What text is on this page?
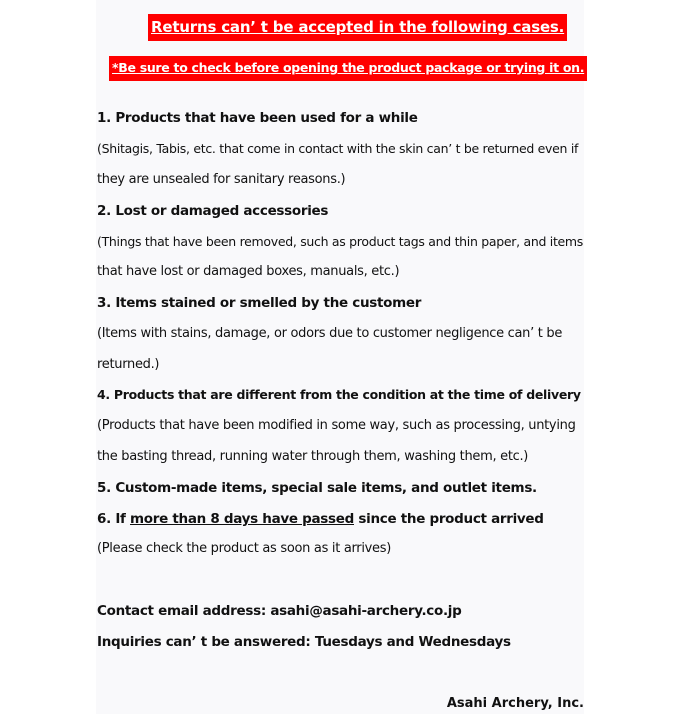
Returns can’ t be accepted in the following cases.
*Be sure to check before opening the product package or trying it on.
1. Products that have been used for a while
(Shitagis, Tabis, etc. that come in contact with the skin can’ t be returned even if
they are unsealed for sanitary reasons.)
2. Lost or damaged accessories
(Things that have been removed, such as product tags and thin paper, and items
that have lost or damaged boxes, manuals, etc.)
3. Items stained or smelled by the customer
(Items with stains, damage, or odors due to customer negligence can’ t be
returned.)
4. Products that are different from the condition at the time of delivery
(Products that have been modified in some way, such as processing, untying
the basting thread, running water through them, washing them, etc.)
5. Custom-made items, special sale items, and outlet items.
6. If more than 8 days have passed since the product arrived
(Please check the product as soon as it arrives)
Contact email address: asahi@asahi-archery.co.jp
Inquiries can’ t be answered: Tuesdays and Wednesdays
Asahi Archery, Inc.
